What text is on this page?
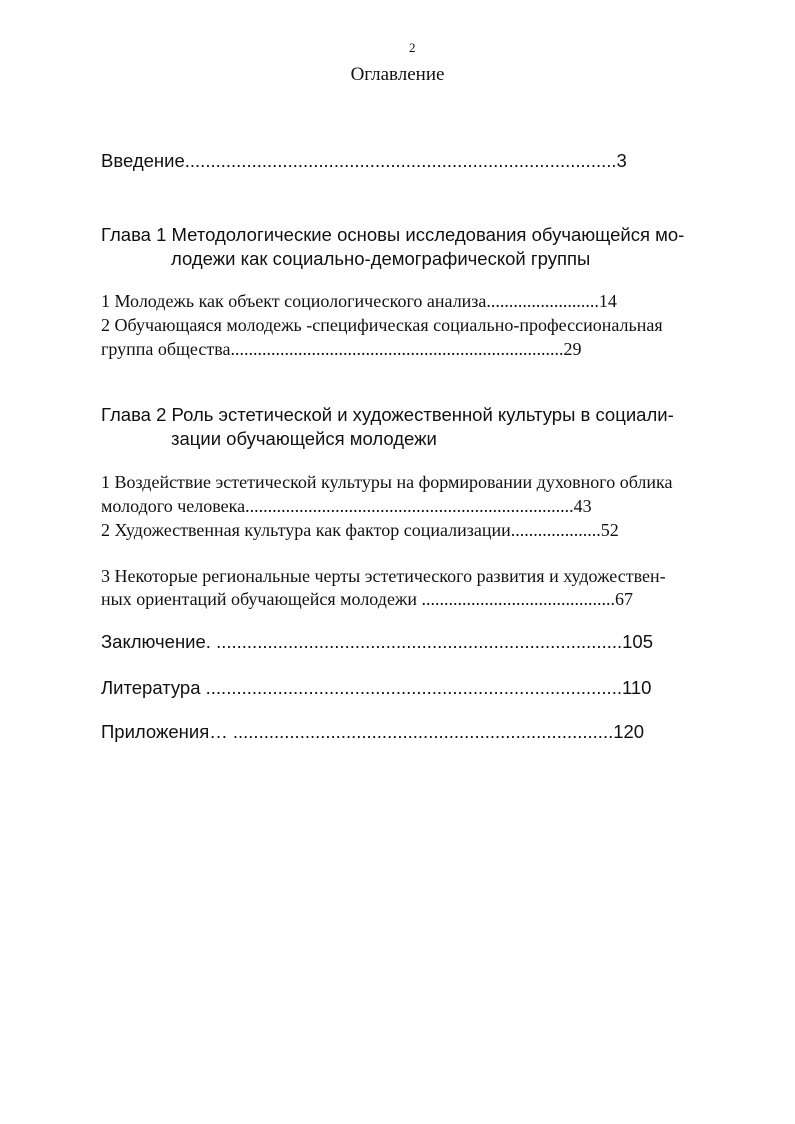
2
Оглавление
Введение....................................................................................3
Глава 1 Методологические основы исследования обучающейся мо-
лодежи как социально-демографической группы
1 Молодежь как объект социологического анализа.........................14
2 Обучающаяся молодежь -специфическая социально-профессиональная
группа общества..........................................................................29
Глава 2 Роль эстетической и художественной культуры в социали-
зации обучающейся молодежи
1 Воздействие эстетической культуры на формировании духовного облика
молодого человека.........................................................................43
2 Художественная культура как фактор социализации....................52
3 Некоторые региональные черты эстетического развития и художествен-
ных ориентаций обучающейся молодежи ...........................................67
Заключение. ...............................................................................105
Литература .................................................................................110
Приложения… ..........................................................................120
